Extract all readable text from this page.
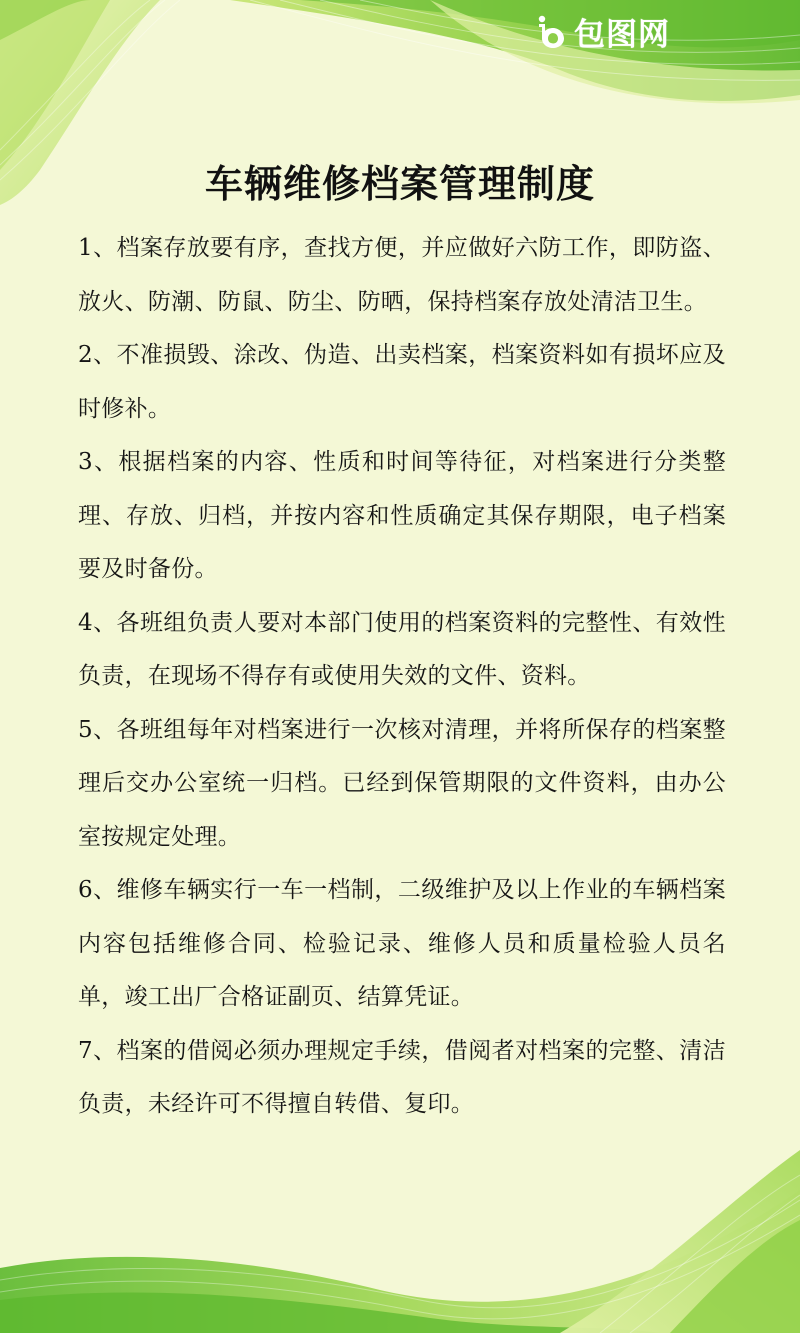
包图网
车辆维修档案管理制度
1、档案存放要有序，查找方便，并应做好六防工作，即防盗、放火、防潮、防鼠、防尘、防晒，保持档案存放处清洁卫生。
2、不准损毁、涂改、伪造、出卖档案，档案资料如有损坏应及时修补。
3、根据档案的内容、性质和时间等待征，对档案进行分类整理、存放、归档，并按内容和性质确定其保存期限，电子档案要及时备份。
4、各班组负责人要对本部门使用的档案资料的完整性、有效性负责，在现场不得存有或使用失效的文件、资料。
5、各班组每年对档案进行一次核对清理，并将所保存的档案整理后交办公室统一归档。已经到保管期限的文件资料，由办公室按规定处理。
6、维修车辆实行一车一档制，二级维护及以上作业的车辆档案内容包括维修合同、检验记录、维修人员和质量检验人员名单，竣工出厂合格证副页、结算凭证。
7、档案的借阅必须办理规定手续，借阅者对档案的完整、清洁负责，未经许可不得擅自转借、复印。
